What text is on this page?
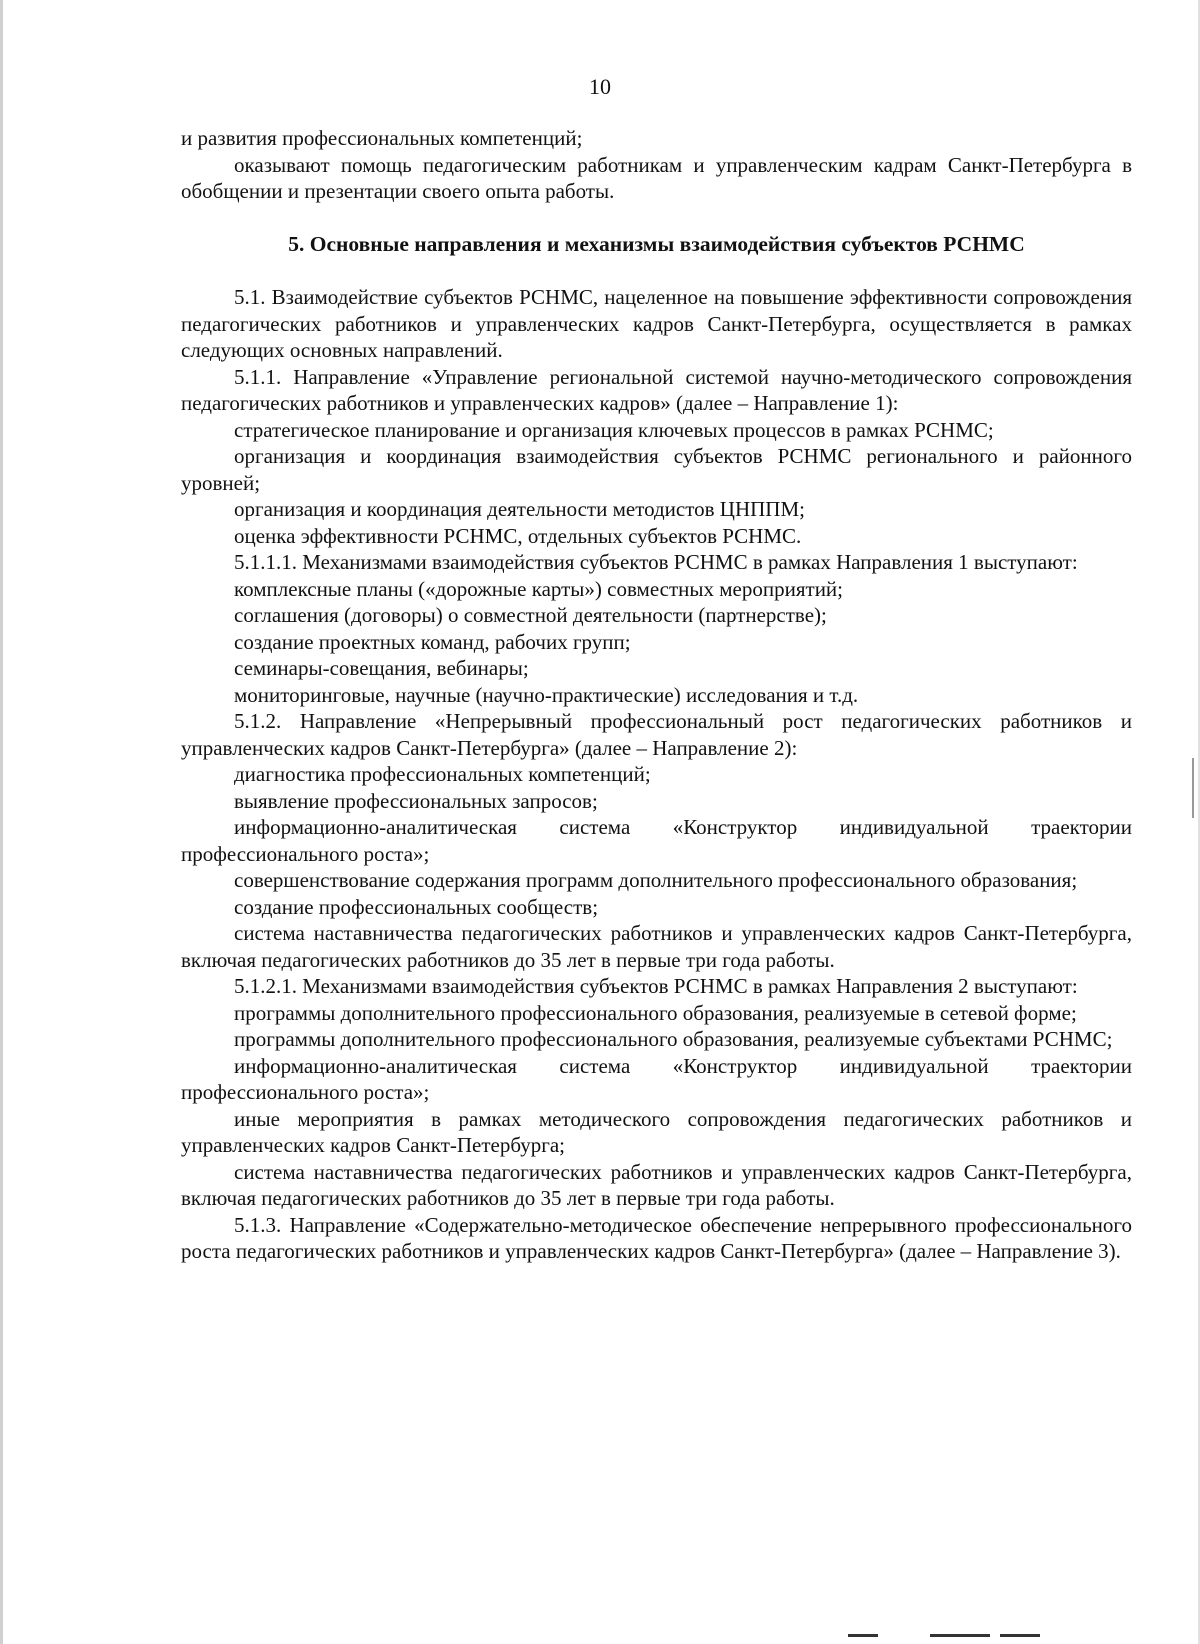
10

и развития профессиональных компетенций;

оказывают помощь педагогическим работникам и управленческим кадрам Санкт-Петербурга в обобщении и презентации своего опыта работы.

5. Основные направления и механизмы взаимодействия субъектов РСНМС

5.1. Взаимодействие субъектов РСНМС, нацеленное на повышение эффективности сопровождения педагогических работников и управленческих кадров Санкт-Петербурга, осуществляется в рамках следующих основных направлений.

5.1.1. Направление «Управление региональной системой научно-методического сопровождения педагогических работников и управленческих кадров» (далее – Направление 1):

стратегическое планирование и организация ключевых процессов в рамках РСНМС;

организация и координация взаимодействия субъектов РСНМС регионального и районного уровней;

организация и координация деятельности методистов ЦНППМ;

оценка эффективности РСНМС, отдельных субъектов РСНМС.

5.1.1.1. Механизмами взаимодействия субъектов РСНМС в рамках Направления 1 выступают:

комплексные планы («дорожные карты») совместных мероприятий;

соглашения (договоры) о совместной деятельности (партнерстве);

создание проектных команд, рабочих групп;

семинары-совещания, вебинары;

мониторинговые, научные (научно-практические) исследования и т.д.

5.1.2. Направление «Непрерывный профессиональный рост педагогических работников и управленческих кадров Санкт-Петербурга» (далее – Направление 2):

диагностика профессиональных компетенций;

выявление профессиональных запросов;

информационно-аналитическая система «Конструктор индивидуальной траектории профессионального роста»;

совершенствование содержания программ дополнительного профессионального образования;

создание профессиональных сообществ;

система наставничества педагогических работников и управленческих кадров Санкт-Петербурга, включая педагогических работников до 35 лет в первые три года работы.

5.1.2.1. Механизмами взаимодействия субъектов РСНМС в рамках Направления 2 выступают:

программы дополнительного профессионального образования, реализуемые в сетевой форме;

программы дополнительного профессионального образования, реализуемые субъектами РСНМС;

информационно-аналитическая система «Конструктор индивидуальной траектории профессионального роста»;

иные мероприятия в рамках методического сопровождения педагогических работников и управленческих кадров Санкт-Петербурга;

система наставничества педагогических работников и управленческих кадров Санкт-Петербурга, включая педагогических работников до 35 лет в первые три года работы.

5.1.3. Направление «Содержательно-методическое обеспечение непрерывного профессионального роста педагогических работников и управленческих кадров Санкт-Петербурга» (далее – Направление 3).
